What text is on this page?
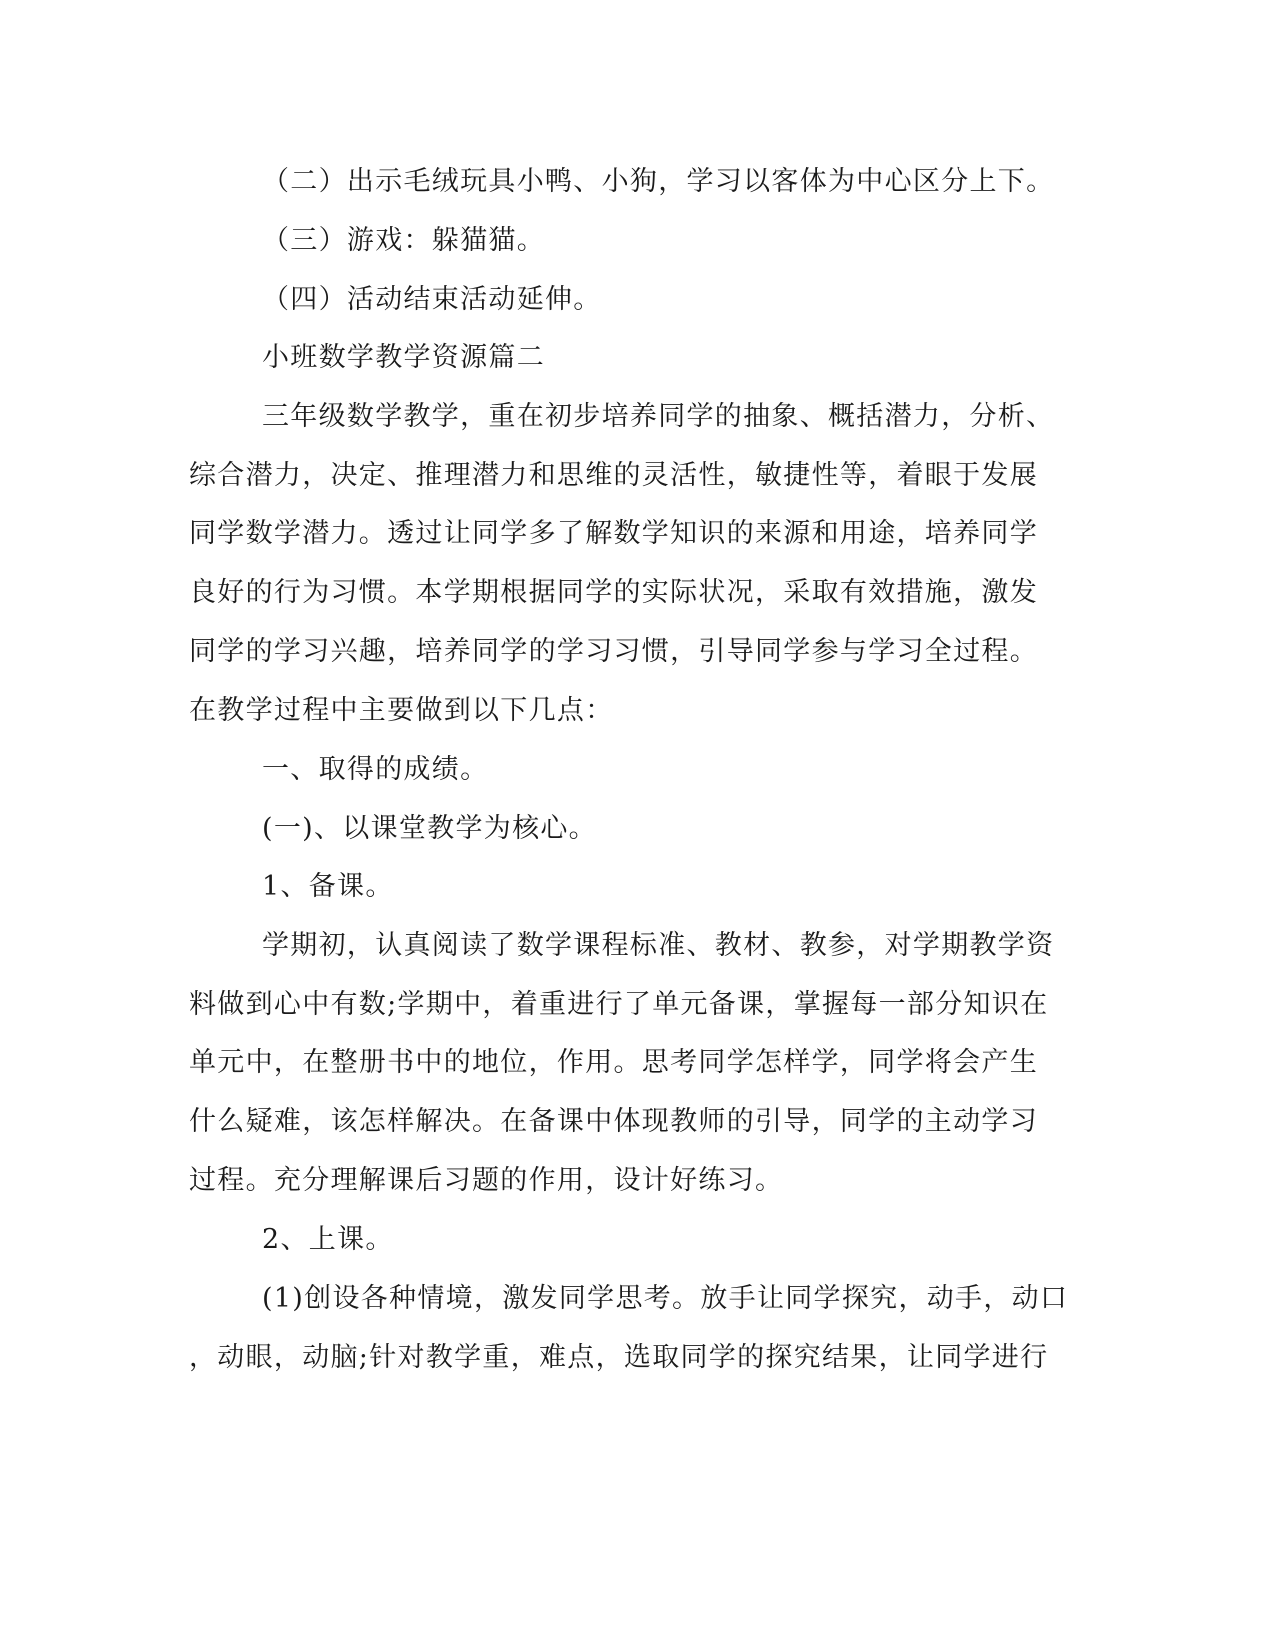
（二）出示毛绒玩具小鸭、小狗，学习以客体为中心区分上下。

（三）游戏：躲猫猫。

（四）活动结束活动延伸。

小班数学教学资源篇二

三年级数学教学，重在初步培养同学的抽象、概括潜力，分析、

综合潜力，决定、推理潜力和思维的灵活性，敏捷性等，着眼于发展

同学数学潜力。透过让同学多了解数学知识的来源和用途，培养同学

良好的行为习惯。本学期根据同学的实际状况，采取有效措施，激发

同学的学习兴趣，培养同学的学习习惯，引导同学参与学习全过程。

在教学过程中主要做到以下几点：

一、取得的成绩。

(一)、以课堂教学为核心。

1、备课。

学期初，认真阅读了数学课程标准、教材、教参，对学期教学资

料做到心中有数;学期中，着重进行了单元备课，掌握每一部分知识在

单元中，在整册书中的地位，作用。思考同学怎样学，同学将会产生

什么疑难，该怎样解决。在备课中体现教师的引导，同学的主动学习

过程。充分理解课后习题的作用，设计好练习。

2、上课。

(1)创设各种情境，激发同学思考。放手让同学探究，动手，动口

，动眼，动脑;针对教学重，难点，选取同学的探究结果，让同学进行
